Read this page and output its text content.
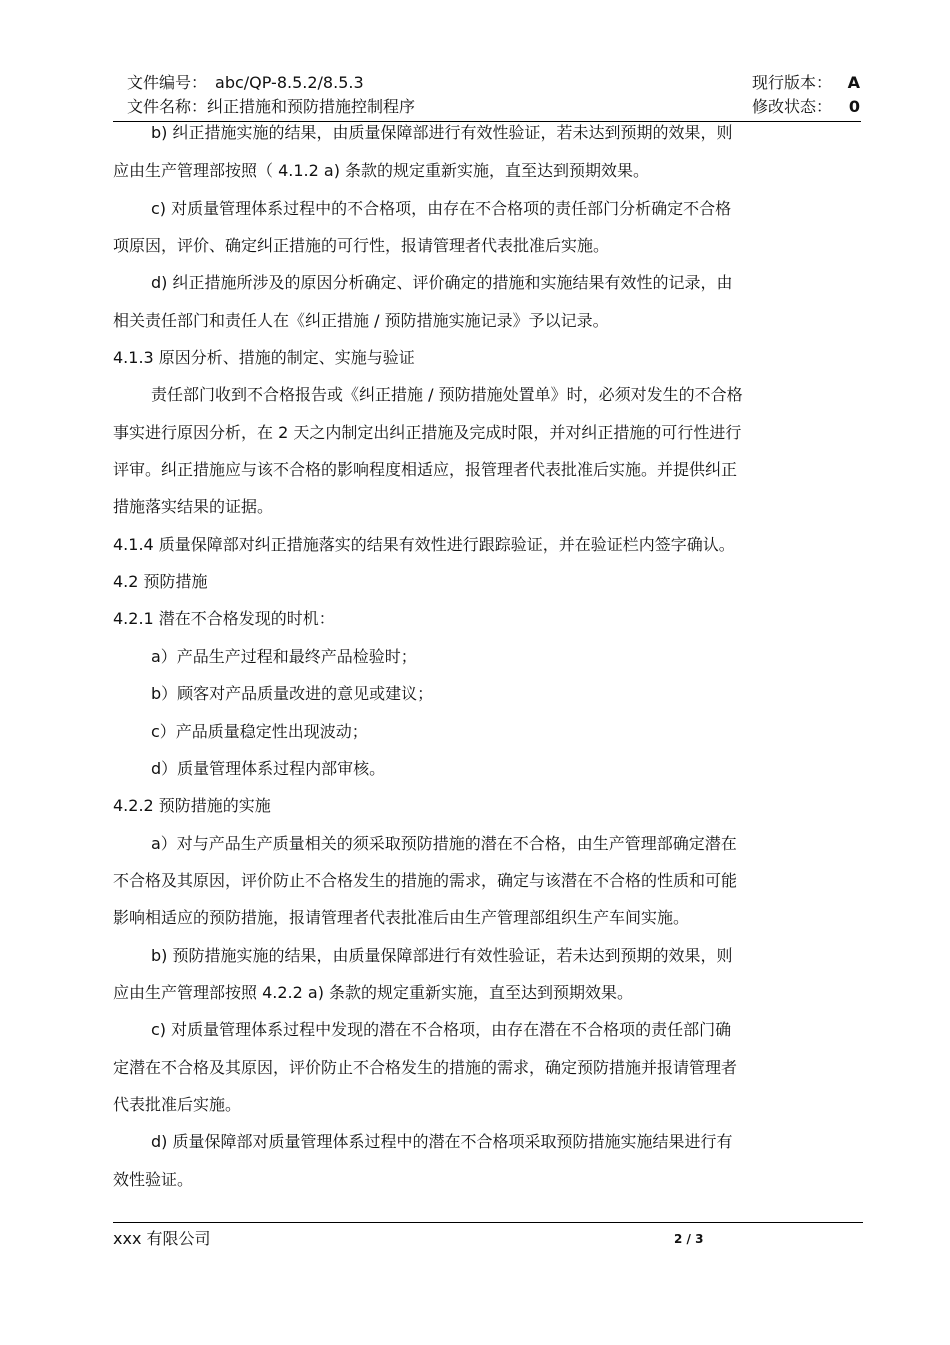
文件编号： abc/QP-8.5.2/8.5.3	现行版本： A
文件名称：纠正措施和预防措施控制程序	修改状态：	0
b) 纠正措施实施的结果，由质量保障部进行有效性验证，若未达到预期的效果，则
应由生产管理部按照（ 4.1.2 a) 条款的规定重新实施，直至达到预期效果。
c) 对质量管理体系过程中的不合格项，由存在不合格项的责任部门分析确定不合格
项原因，评价、确定纠正措施的可行性，报请管理者代表批准后实施。
d) 纠正措施所涉及的原因分析确定、评价确定的措施和实施结果有效性的记录，由
相关责任部门和责任人在《纠正措施 / 预防措施实施记录》予以记录。
4.1.3 原因分析、措施的制定、实施与验证
责任部门收到不合格报告或《纠正措施 / 预防措施处置单》时，必须对发生的不合格
事实进行原因分析，在 2 天之内制定出纠正措施及完成时限，并对纠正措施的可行性进行
评审。纠正措施应与该不合格的影响程度相适应，报管理者代表批准后实施。并提供纠正
措施落实结果的证据。
4.1.4 质量保障部对纠正措施落实的结果有效性进行跟踪验证，并在验证栏内签字确认。
4.2 预防措施
4.2.1 潜在不合格发现的时机：
a）产品生产过程和最终产品检验时；
b）顾客对产品质量改进的意见或建议；
c）产品质量稳定性出现波动；
d）质量管理体系过程内部审核。
4.2.2 预防措施的实施
a）对与产品生产质量相关的须采取预防措施的潜在不合格，由生产管理部确定潜在
不合格及其原因，评价防止不合格发生的措施的需求，确定与该潜在不合格的性质和可能
影响相适应的预防措施，报请管理者代表批准后由生产管理部组织生产车间实施。
b) 预防措施实施的结果，由质量保障部进行有效性验证，若未达到预期的效果，则
应由生产管理部按照 4.2.2 a) 条款的规定重新实施，直至达到预期效果。
c) 对质量管理体系过程中发现的潜在不合格项，由存在潜在不合格项的责任部门确
定潜在不合格及其原因，评价防止不合格发生的措施的需求，确定预防措施并报请管理者
代表批准后实施。
d) 质量保障部对质量管理体系过程中的潜在不合格项采取预防措施实施结果进行有
效性验证。
xxx 有限公司	2 / 3
